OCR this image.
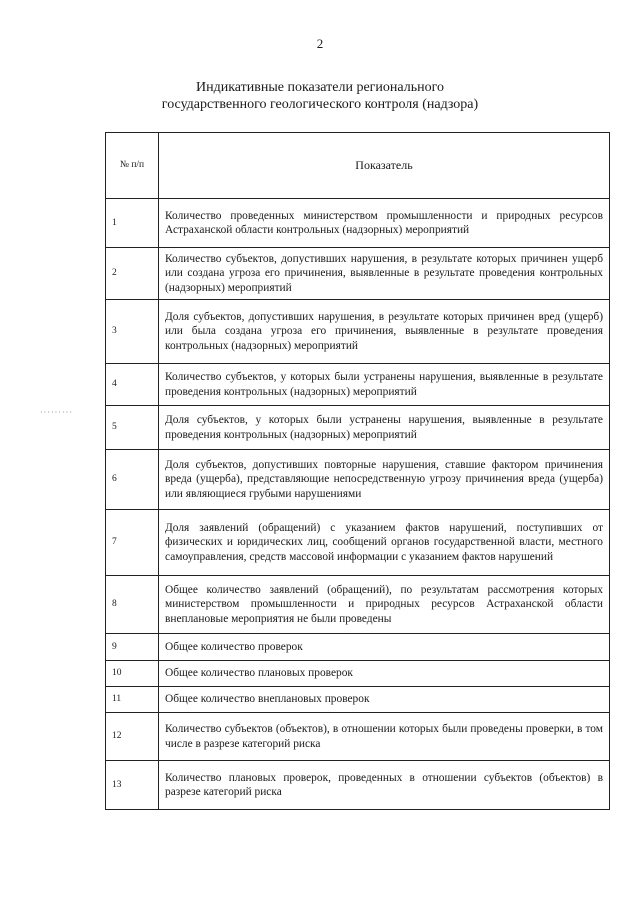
2
Индикативные показатели регионального
государственного геологического контроля (надзора)
·········
№ п/п	Показатель
1	Количество проведенных министерством промышленности и природных ресурсов Астраханской области контрольных (надзорных) мероприятий
2	Количество субъектов, допустивших нарушения, в результате которых причинен ущерб или создана угроза его причинения, выявленные в результате проведения контрольных (надзорных) мероприятий
3	Доля субъектов, допустивших нарушения, в результате которых причинен вред (ущерб) или была создана угроза его причинения, выявленные в результате проведения контрольных (надзорных) мероприятий
4	Количество субъектов, у которых были устранены нарушения, выявленные в результате проведения контрольных (надзорных) мероприятий
5	Доля субъектов, у которых были устранены нарушения, выявленные в результате проведения контрольных (надзорных) мероприятий
6	Доля субъектов, допустивших повторные нарушения, ставшие фактором причинения вреда (ущерба), представляющие непосредственную угрозу причинения вреда (ущерба) или являющиеся грубыми нарушениями
7	Доля заявлений (обращений) с указанием фактов нарушений, поступивших от физических и юридических лиц, сообщений органов государственной власти, местного самоуправления, средств массовой информации с указанием фактов нарушений
8	Общее количество заявлений (обращений), по результатам рассмотрения которых министерством промышленности и природных ресурсов Астраханской области внеплановые мероприятия не были проведены
9	Общее количество проверок
10	Общее количество плановых проверок
11	Общее количество внеплановых проверок
12	Количество субъектов (объектов), в отношении которых были проведены проверки, в том числе в разрезе категорий риска
13	Количество плановых проверок, проведенных в отношении субъектов (объектов) в разрезе категорий риска
